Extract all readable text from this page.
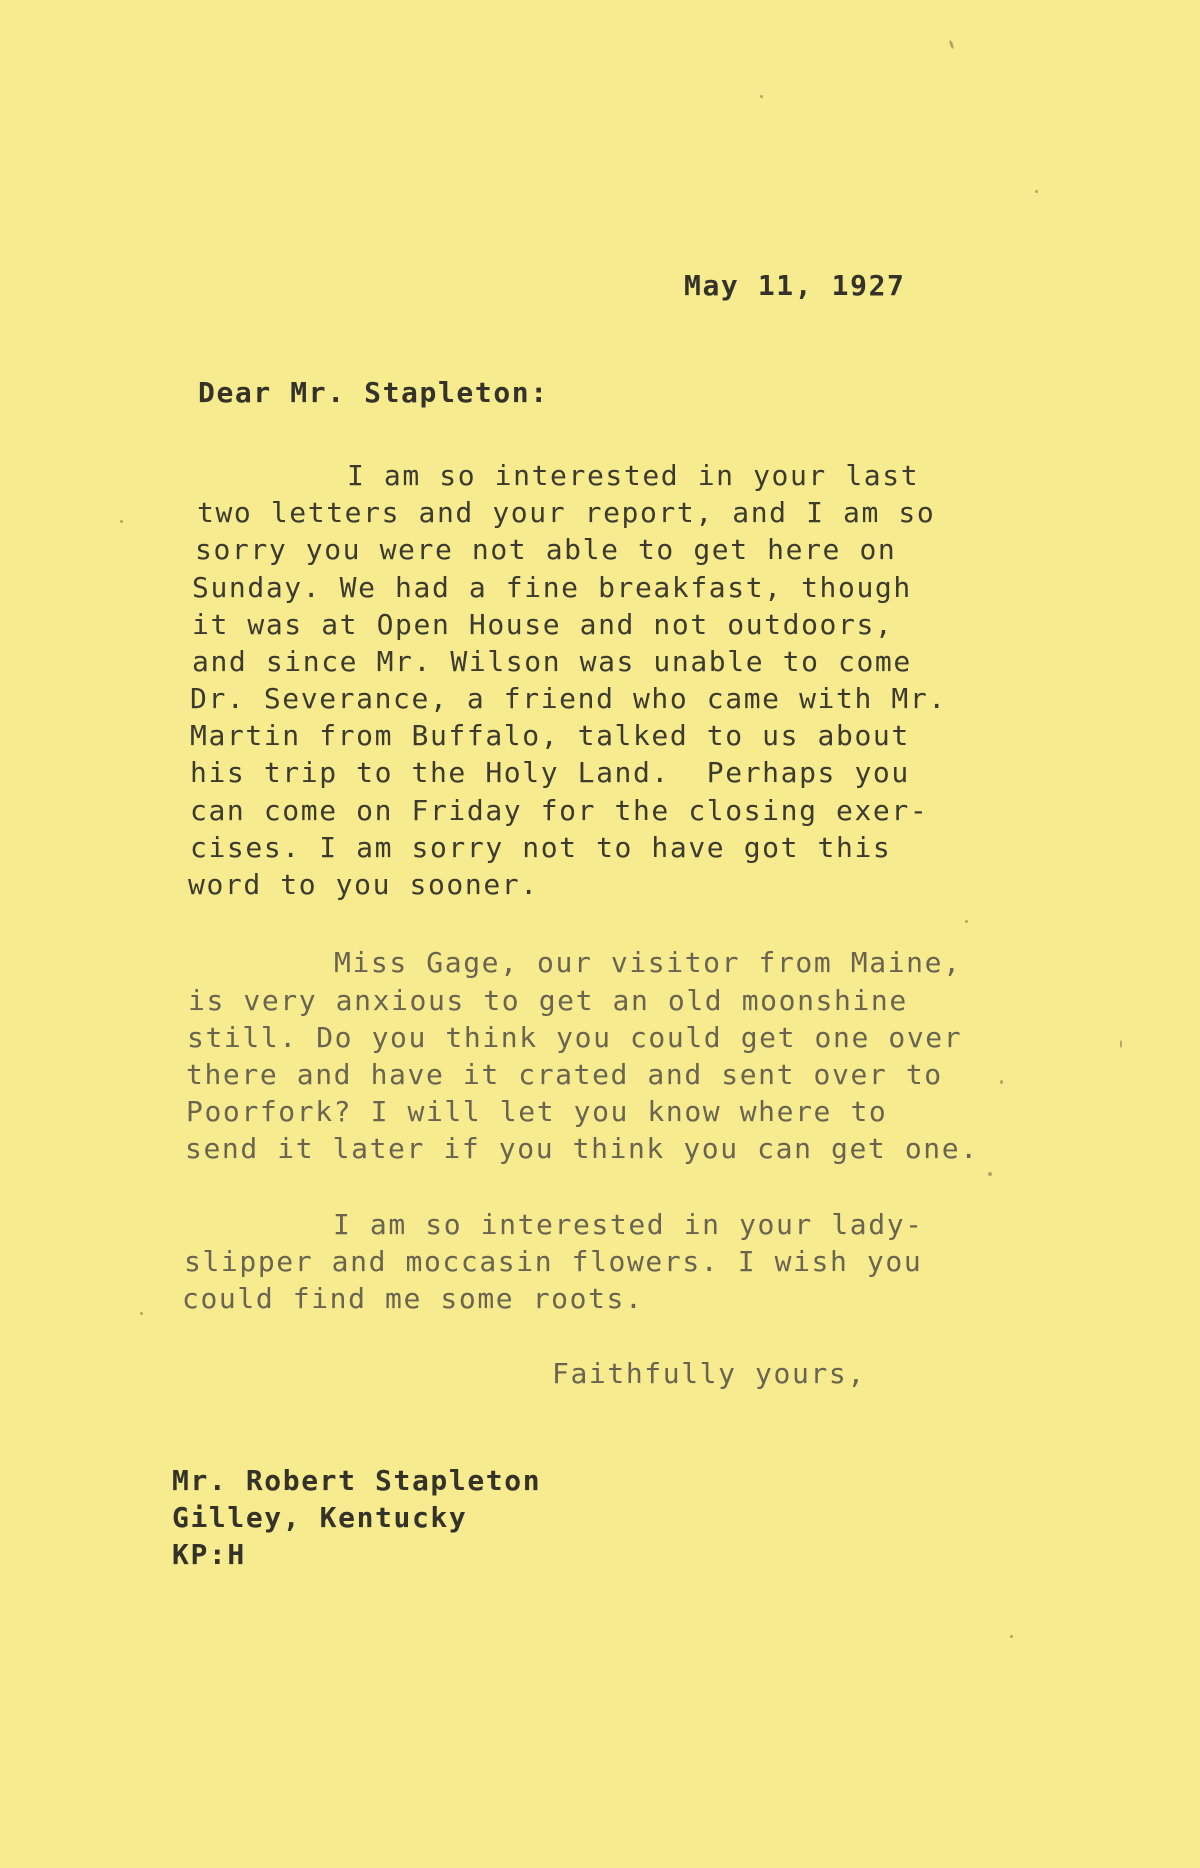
May 11, 1927
Dear Mr. Stapleton:
I am so interested in your last
two letters and your report, and I am so
sorry you were not able to get here on
Sunday. We had a fine breakfast, though
it was at Open House and not outdoors,
and since Mr. Wilson was unable to come
Dr. Severance, a friend who came with Mr.
Martin from Buffalo, talked to us about
his trip to the Holy Land.  Perhaps you
can come on Friday for the closing exer-
cises. I am sorry not to have got this
word to you sooner.
Miss Gage, our visitor from Maine,
is very anxious to get an old moonshine
still. Do you think you could get one over
there and have it crated and sent over to
Poorfork? I will let you know where to
send it later if you think you can get one.
I am so interested in your lady-
slipper and moccasin flowers. I wish you
could find me some roots.
Faithfully yours,
Mr. Robert Stapleton
Gilley, Kentucky
KP:H
